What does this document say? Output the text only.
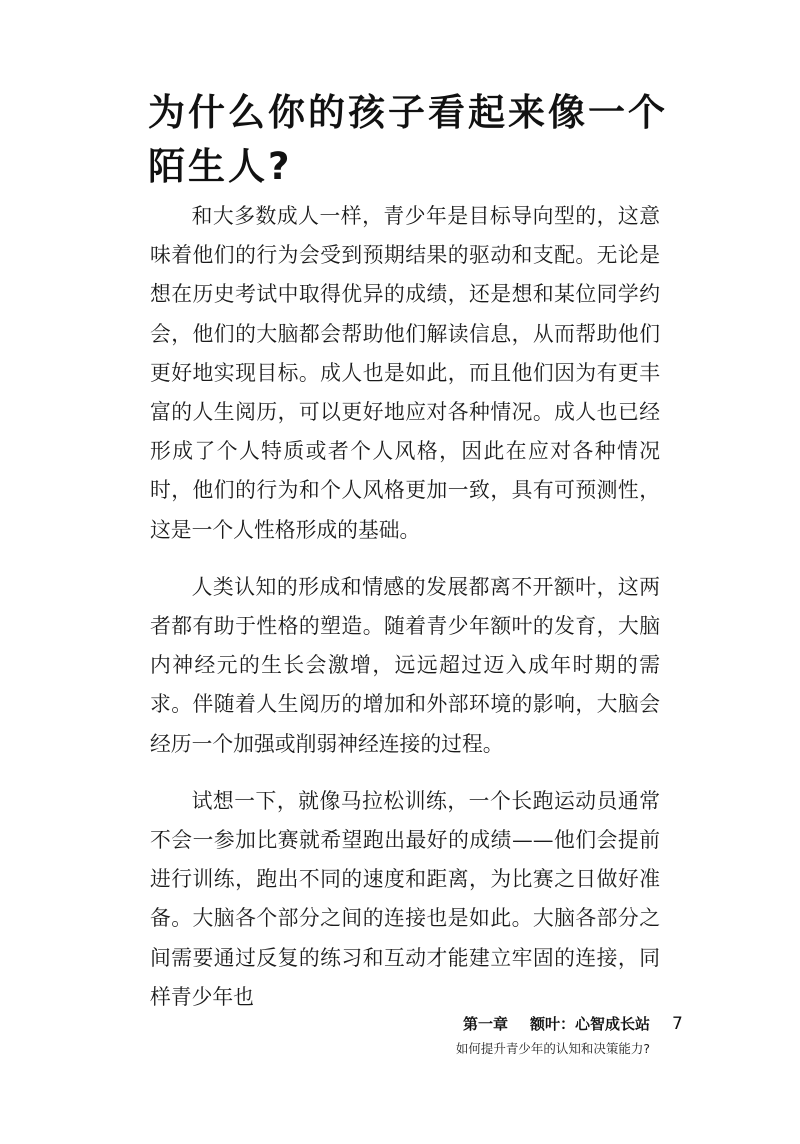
为什么你的孩子看起来像一个陌生人?

和大多数成人一样，青少年是目标导向型的，这意味着他们的行为会受到预期结果的驱动和支配。无论是想在历史考试中取得优异的成绩，还是想和某位同学约会，他们的大脑都会帮助他们解读信息，从而帮助他们更好地实现目标。成人也是如此，而且他们因为有更丰富的人生阅历，可以更好地应对各种情况。成人也已经形成了个人特质或者个人风格，因此在应对各种情况时，他们的行为和个人风格更加一致，具有可预测性，这是一个人性格形成的基础。

人类认知的形成和情感的发展都离不开额叶，这两者都有助于性格的塑造。随着青少年额叶的发育，大脑内神经元的生长会激增，远远超过迈入成年时期的需求。伴随着人生阅历的增加和外部环境的影响，大脑会经历一个加强或削弱神经连接的过程。

试想一下，就像马拉松训练，一个长跑运动员通常不会一参加比赛就希望跑出最好的成绩——他们会提前进行训练，跑出不同的速度和距离，为比赛之日做好准备。大脑各个部分之间的连接也是如此。大脑各部分之间需要通过反复的练习和互动才能建立牢固的连接，同样青少年也

第一章 额叶：心智成长站
如何提升青少年的认知和决策能力?
7
